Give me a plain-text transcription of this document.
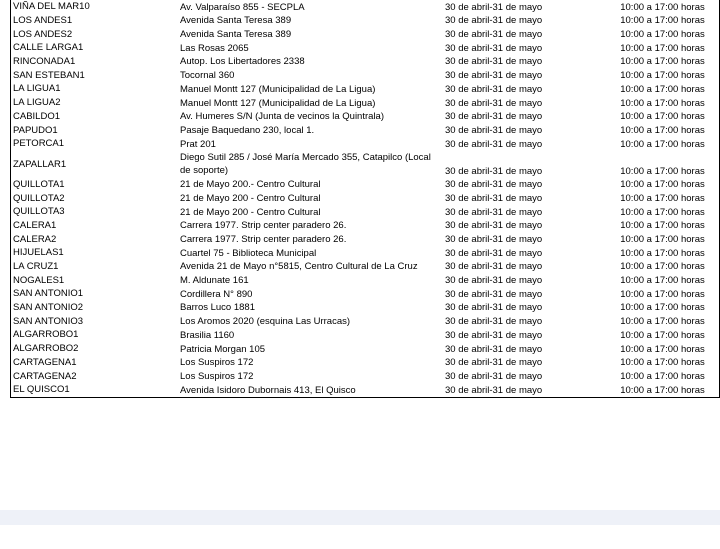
VIÑA DEL MAR10	Av. Valparaíso 855 - SECPLA	30 de abril-31 de mayo	10:00 a 17:00 horas
LOS ANDES1	Avenida Santa Teresa 389	30 de abril-31 de mayo	10:00 a 17:00 horas
LOS ANDES2	Avenida Santa Teresa 389	30 de abril-31 de mayo	10:00 a 17:00 horas
CALLE LARGA1	Las Rosas 2065	30 de abril-31 de mayo	10:00 a 17:00 horas
RINCONADA1	Autop. Los Libertadores 2338	30 de abril-31 de mayo	10:00 a 17:00 horas
SAN ESTEBAN1	Tocornal 360	30 de abril-31 de mayo	10:00 a 17:00 horas
LA LIGUA1	Manuel Montt 127 (Municipalidad de La Ligua)	30 de abril-31 de mayo	10:00 a 17:00 horas
LA LIGUA2	Manuel Montt 127 (Municipalidad de La Ligua)	30 de abril-31 de mayo	10:00 a 17:00 horas
CABILDO1	Av. Humeres S/N (Junta de vecinos la Quintrala)	30 de abril-31 de mayo	10:00 a 17:00 horas
PAPUDO1	Pasaje Baquedano 230, local 1.	30 de abril-31 de mayo	10:00 a 17:00 horas
PETORCA1	Prat 201	30 de abril-31 de mayo	10:00 a 17:00 horas
ZAPALLAR1	Diego Sutil 285 / José María Mercado 355, Catapilco (Local de soporte)	30 de abril-31 de mayo	10:00 a 17:00 horas
QUILLOTA1	21 de Mayo 200.- Centro Cultural	30 de abril-31 de mayo	10:00 a 17:00 horas
QUILLOTA2	21 de Mayo 200 - Centro Cultural	30 de abril-31 de mayo	10:00 a 17:00 horas
QUILLOTA3	21 de Mayo 200 - Centro Cultural	30 de abril-31 de mayo	10:00 a 17:00 horas
CALERA1	Carrera 1977. Strip center paradero 26.	30 de abril-31 de mayo	10:00 a 17:00 horas
CALERA2	Carrera 1977. Strip center paradero 26.	30 de abril-31 de mayo	10:00 a 17:00 horas
HIJUELAS1	Cuartel 75 - Biblioteca Municipal	30 de abril-31 de mayo	10:00 a 17:00 horas
LA CRUZ1	Avenida 21 de Mayo n°5815, Centro Cultural de La Cruz	30 de abril-31 de mayo	10:00 a 17:00 horas
NOGALES1	M. Aldunate 161	30 de abril-31 de mayo	10:00 a 17:00 horas
SAN ANTONIO1	Cordillera N° 890	30 de abril-31 de mayo	10:00 a 17:00 horas
SAN ANTONIO2	Barros Luco 1881	30 de abril-31 de mayo	10:00 a 17:00 horas
SAN ANTONIO3	Los Aromos 2020 (esquina Las Urracas)	30 de abril-31 de mayo	10:00 a 17:00 horas
ALGARROBO1	Brasilia 1160	30 de abril-31 de mayo	10:00 a 17:00 horas
ALGARROBO2	Patricia Morgan 105	30 de abril-31 de mayo	10:00 a 17:00 horas
CARTAGENA1	Los Suspiros 172	30 de abril-31 de mayo	10:00 a 17:00 horas
CARTAGENA2	Los Suspiros 172	30 de abril-31 de mayo	10:00 a 17:00 horas
EL QUISCO1	Avenida Isidoro Dubornais 413, El Quisco	30 de abril-31 de mayo	10:00 a 17:00 horas
